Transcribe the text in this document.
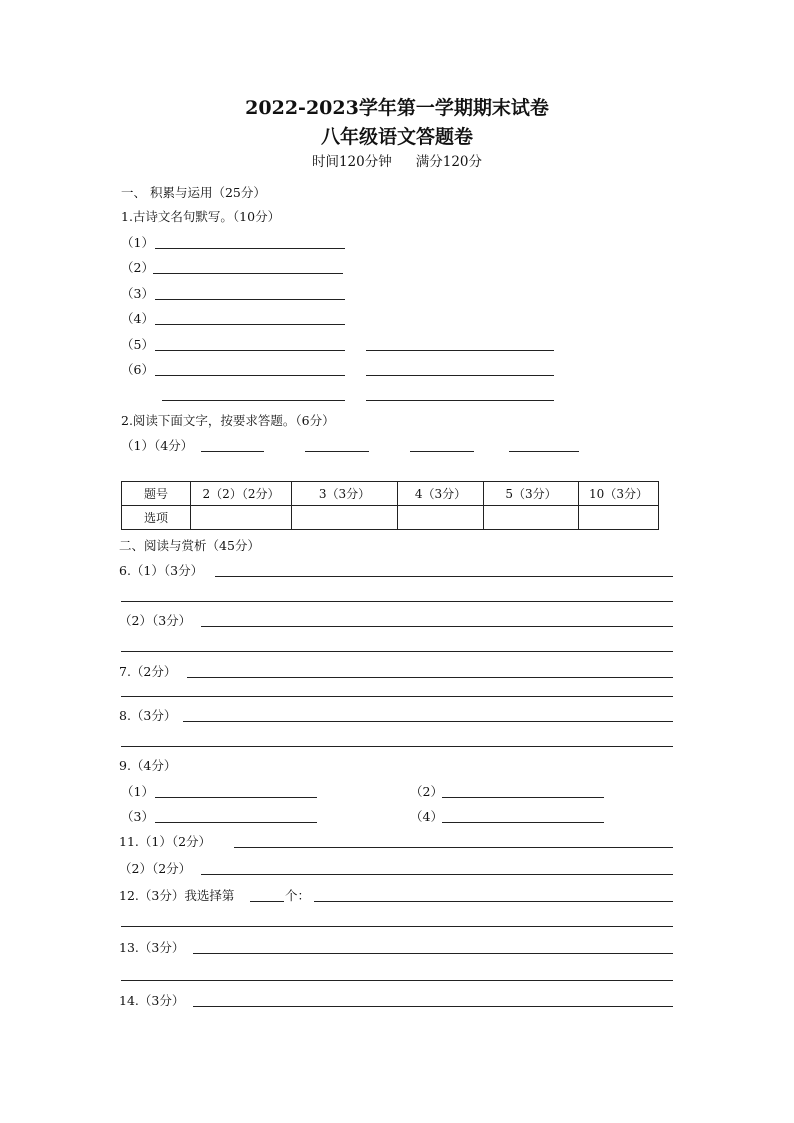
2022-2023学年第一学期期末试卷
八年级语文答题卷
时间120分钟 满分120分
一、 积累与运用（25分）
1.古诗文名句默写。（10分）
（1）
（2）
（3）
（4）
（5）
（6）
2.阅读下面文字，按要求答题。（6分）
（1）（4分）
题号	2（2）（2分）	3（3分）	4（3分）	5（3分）	10（3分）
选项					
二、阅读与赏析（45分）
6.（1）（3分）
（2）（3分）
7.（2分）
8.（3分）
9.（4分）
（1）	（2）
（3）	（4）
11.（1）（2分）
（2）（2分）
12.（3分）我选择第	个：
13.（3分）
14.（3分）
